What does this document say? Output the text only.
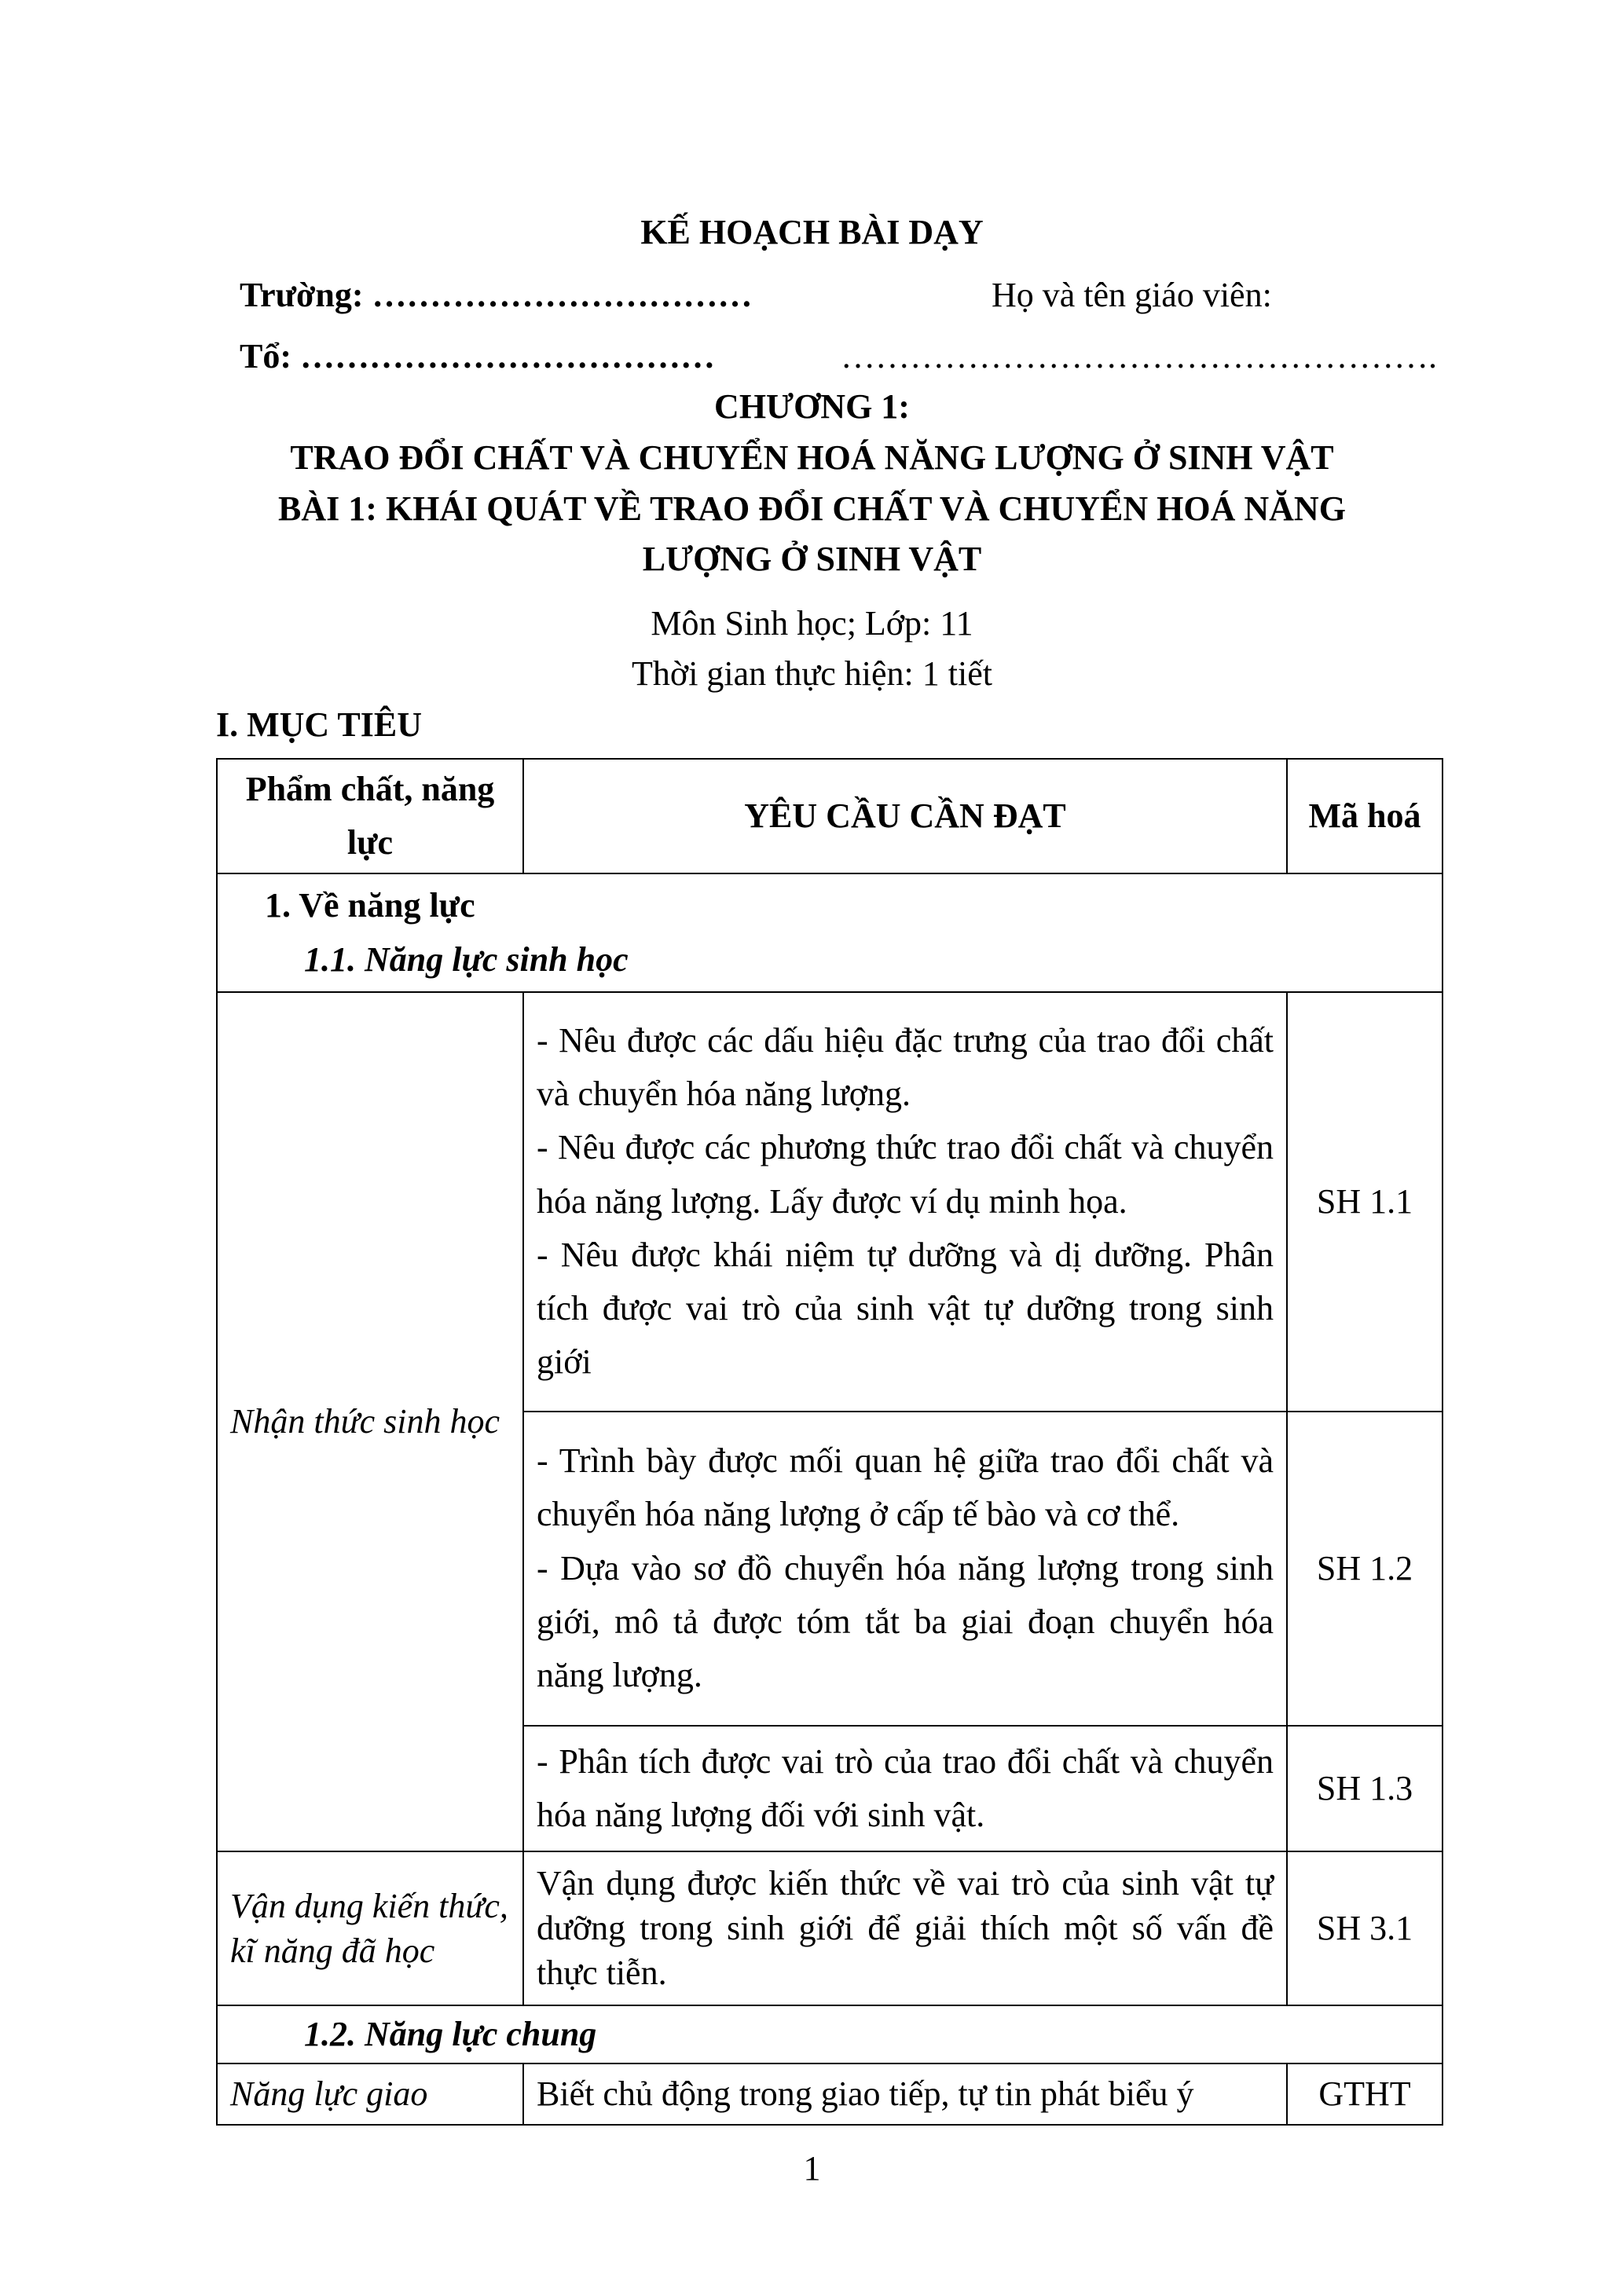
KẾ HOẠCH BÀI DẠY
Trường: ……………………………	Họ và tên giáo viên:
Tổ: ………………………………	…………………………………………….
CHƯƠNG 1:
TRAO ĐỔI CHẤT VÀ CHUYỂN HOÁ NĂNG LƯỢNG Ở SINH VẬT
BÀI 1: KHÁI QUÁT VỀ TRAO ĐỔI CHẤT VÀ CHUYỂN HOÁ NĂNG
LƯỢNG Ở SINH VẬT
Môn Sinh học; Lớp: 11
Thời gian thực hiện: 1 tiết
I. MỤC TIÊU
Phẩm chất, năng lực	YÊU CẦU CẦN ĐẠT	Mã hoá

1. Về năng lực
1.1. Năng lực sinh học		

Nhận thức sinh học	- Nêu được các dấu hiệu đặc trưng của trao đổi chất và chuyển hóa năng lượng.
- Nêu được các phương thức trao đổi chất và chuyển hóa năng lượng. Lấy được ví dụ minh họa.
- Nêu được khái niệm tự dưỡng và dị dưỡng. Phân tích được vai trò của sinh vật tự dưỡng trong sinh giới	SH 1.1

	- Trình bày được mối quan hệ giữa trao đổi chất và chuyển hóa năng lượng ở cấp tế bào và cơ thể.
- Dựa vào sơ đồ chuyển hóa năng lượng trong sinh giới, mô tả được tóm tắt ba giai đoạn chuyển hóa năng lượng.	SH 1.2
	- Phân tích được vai trò của trao đổi chất và chuyển hóa năng lượng đối với sinh vật.	SH 1.3

Vận dụng kiến thức,
kĩ năng đã học	Vận dụng được kiến thức về vai trò của sinh vật tự dưỡng trong sinh giới để giải thích một số vấn đề thực tiễn.	SH 3.1
1.2. Năng lực chung		
Năng lực giao	Biết chủ động trong giao tiếp, tự tin phát biểu ý	GTHT
1
